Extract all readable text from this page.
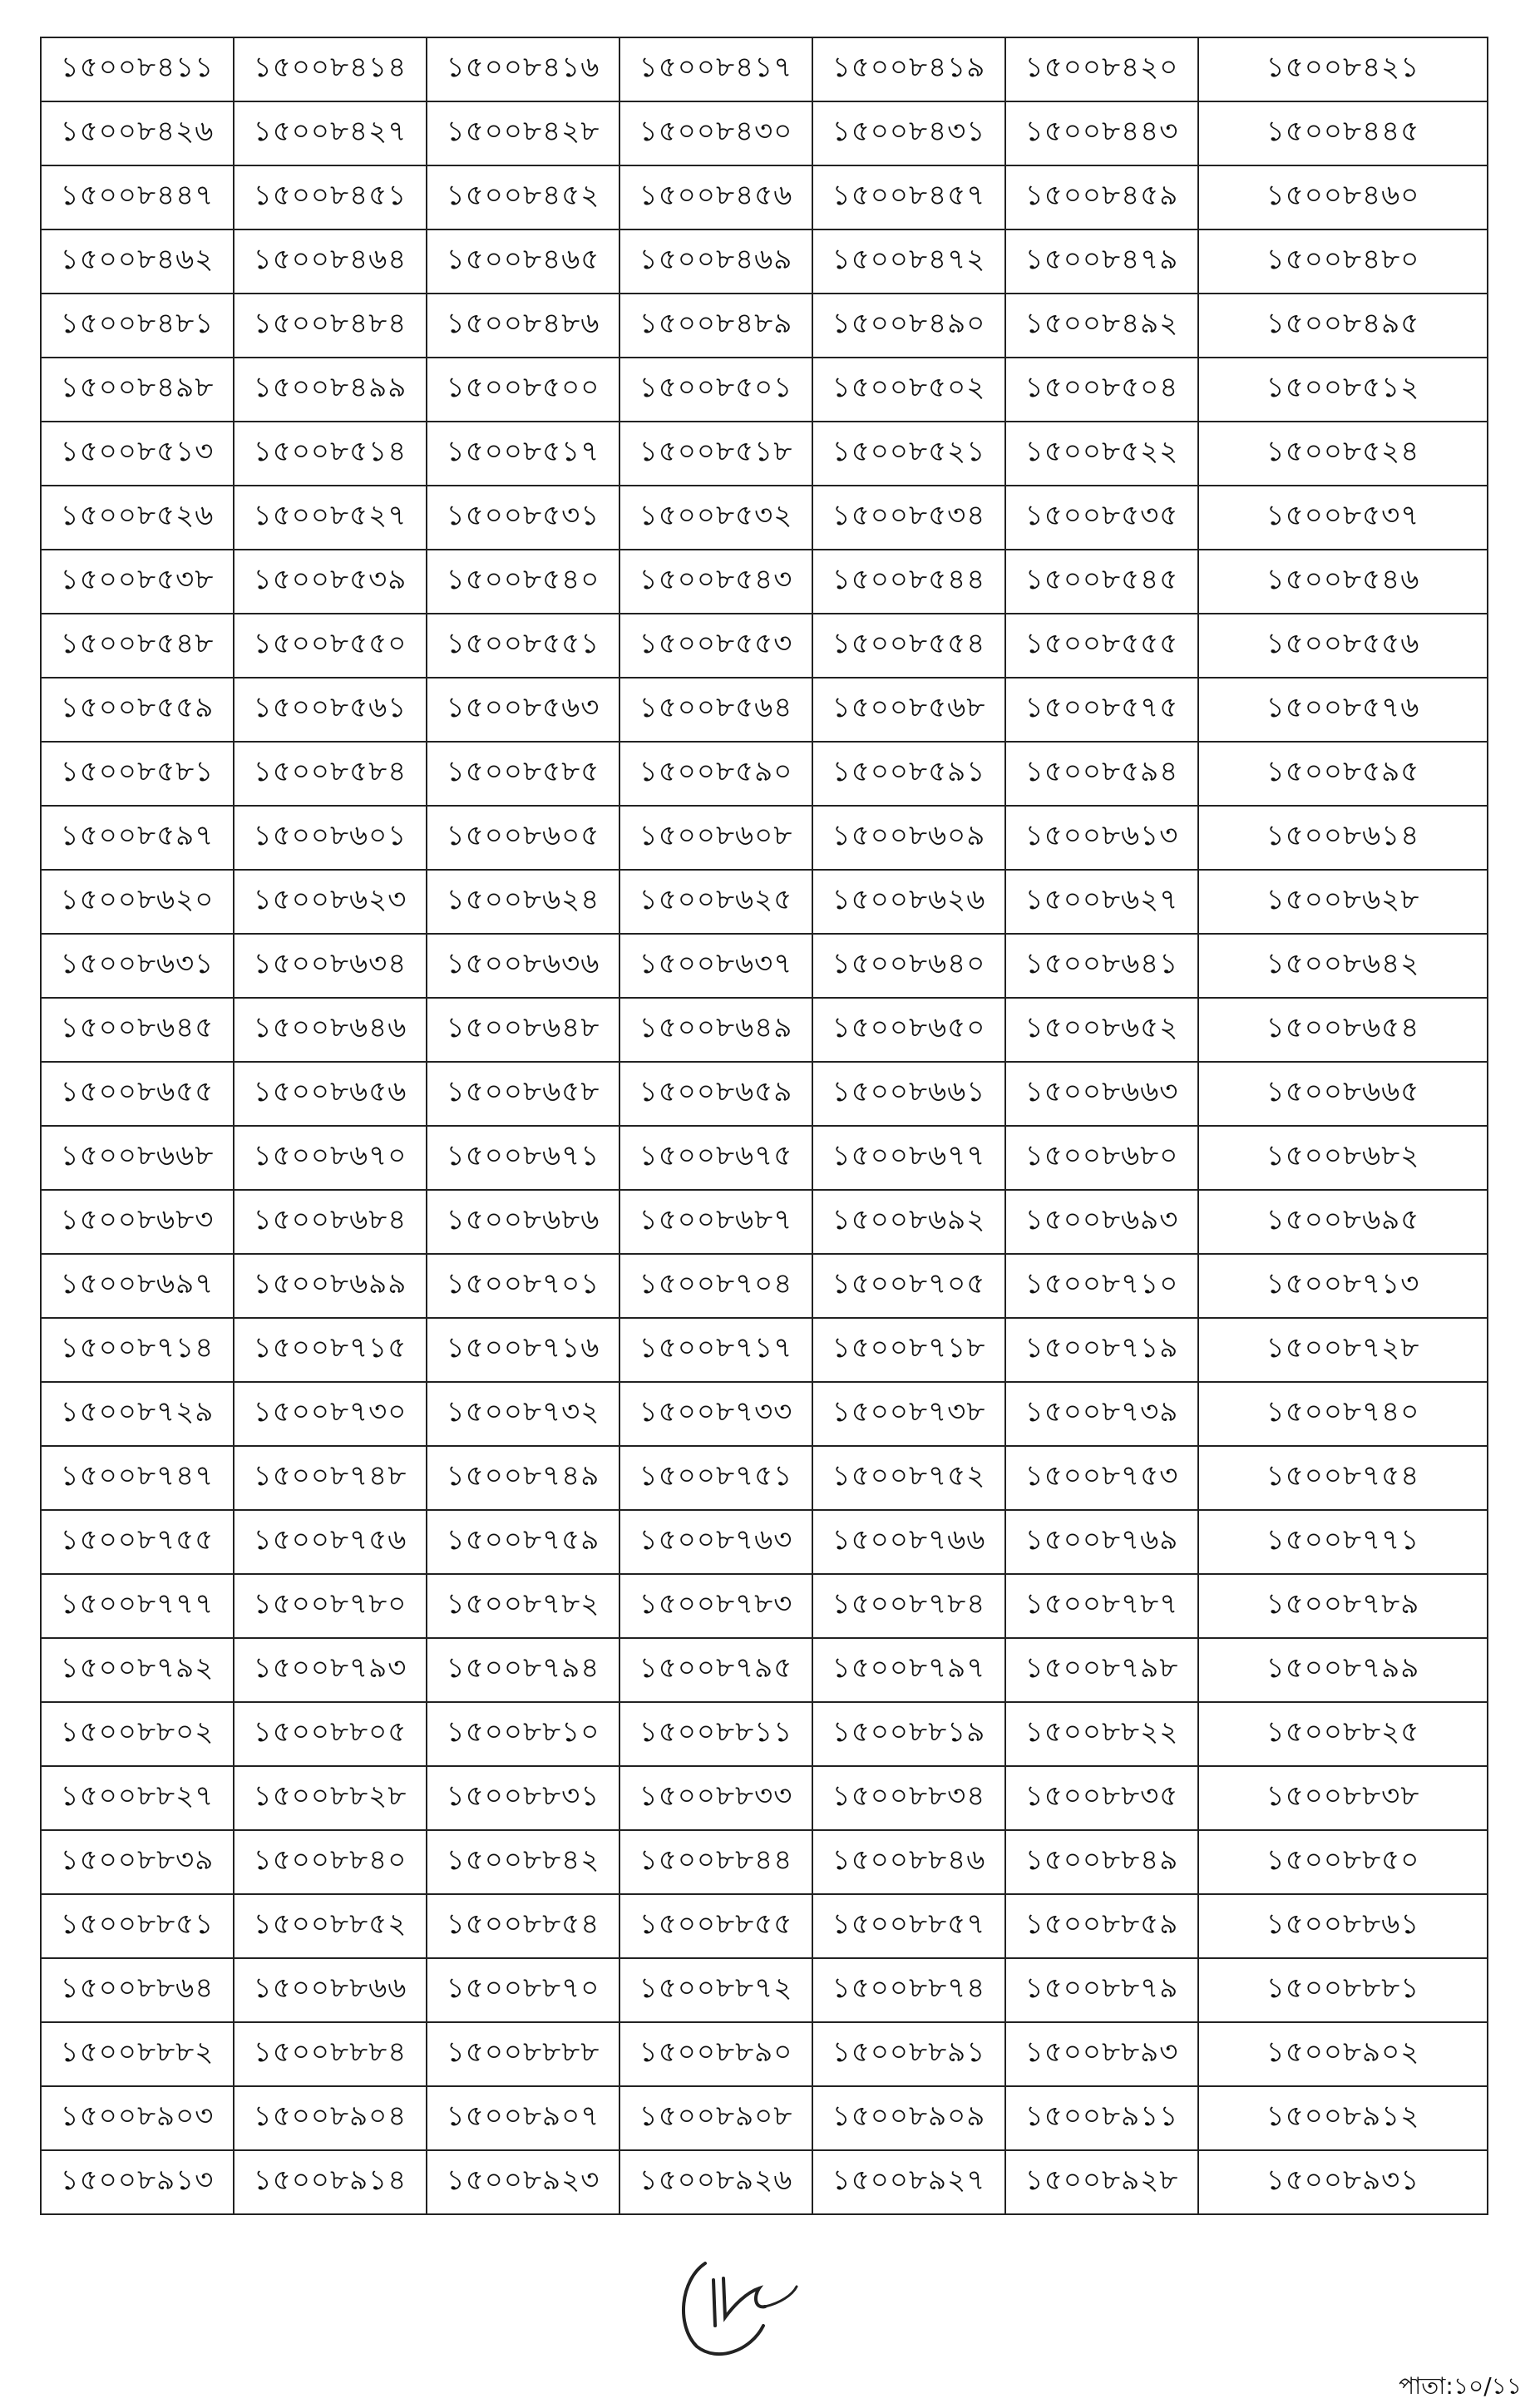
১৫০০৮৪১১	১৫০০৮৪১৪	১৫০০৮৪১৬	১৫০০৮৪১৭	১৫০০৮৪১৯	১৫০০৮৪২০	১৫০০৮৪২১
১৫০০৮৪২৬	১৫০০৮৪২৭	১৫০০৮৪২৮	১৫০০৮৪৩০	১৫০০৮৪৩১	১৫০০৮৪৪৩	১৫০০৮৪৪৫
১৫০০৮৪৪৭	১৫০০৮৪৫১	১৫০০৮৪৫২	১৫০০৮৪৫৬	১৫০০৮৪৫৭	১৫০০৮৪৫৯	১৫০০৮৪৬০
১৫০০৮৪৬২	১৫০০৮৪৬৪	১৫০০৮৪৬৫	১৫০০৮৪৬৯	১৫০০৮৪৭২	১৫০০৮৪৭৯	১৫০০৮৪৮০
১৫০০৮৪৮১	১৫০০৮৪৮৪	১৫০০৮৪৮৬	১৫০০৮৪৮৯	১৫০০৮৪৯০	১৫০০৮৪৯২	১৫০০৮৪৯৫
১৫০০৮৪৯৮	১৫০০৮৪৯৯	১৫০০৮৫০০	১৫০০৮৫০১	১৫০০৮৫০২	১৫০০৮৫০৪	১৫০০৮৫১২
১৫০০৮৫১৩	১৫০০৮৫১৪	১৫০০৮৫১৭	১৫০০৮৫১৮	১৫০০৮৫২১	১৫০০৮৫২২	১৫০০৮৫২৪
১৫০০৮৫২৬	১৫০০৮৫২৭	১৫০০৮৫৩১	১৫০০৮৫৩২	১৫০০৮৫৩৪	১৫০০৮৫৩৫	১৫০০৮৫৩৭
১৫০০৮৫৩৮	১৫০০৮৫৩৯	১৫০০৮৫৪০	১৫০০৮৫৪৩	১৫০০৮৫৪৪	১৫০০৮৫৪৫	১৫০০৮৫৪৬
১৫০০৮৫৪৮	১৫০০৮৫৫০	১৫০০৮৫৫১	১৫০০৮৫৫৩	১৫০০৮৫৫৪	১৫০০৮৫৫৫	১৫০০৮৫৫৬
১৫০০৮৫৫৯	১৫০০৮৫৬১	১৫০০৮৫৬৩	১৫০০৮৫৬৪	১৫০০৮৫৬৮	১৫০০৮৫৭৫	১৫০০৮৫৭৬
১৫০০৮৫৮১	১৫০০৮৫৮৪	১৫০০৮৫৮৫	১৫০০৮৫৯০	১৫০০৮৫৯১	১৫০০৮৫৯৪	১৫০০৮৫৯৫
১৫০০৮৫৯৭	১৫০০৮৬০১	১৫০০৮৬০৫	১৫০০৮৬০৮	১৫০০৮৬০৯	১৫০০৮৬১৩	১৫০০৮৬১৪
১৫০০৮৬২০	১৫০০৮৬২৩	১৫০০৮৬২৪	১৫০০৮৬২৫	১৫০০৮৬২৬	১৫০০৮৬২৭	১৫০০৮৬২৮
১৫০০৮৬৩১	১৫০০৮৬৩৪	১৫০০৮৬৩৬	১৫০০৮৬৩৭	১৫০০৮৬৪০	১৫০০৮৬৪১	১৫০০৮৬৪২
১৫০০৮৬৪৫	১৫০০৮৬৪৬	১৫০০৮৬৪৮	১৫০০৮৬৪৯	১৫০০৮৬৫০	১৫০০৮৬৫২	১৫০০৮৬৫৪
১৫০০৮৬৫৫	১৫০০৮৬৫৬	১৫০০৮৬৫৮	১৫০০৮৬৫৯	১৫০০৮৬৬১	১৫০০৮৬৬৩	১৫০০৮৬৬৫
১৫০০৮৬৬৮	১৫০০৮৬৭০	১৫০০৮৬৭১	১৫০০৮৬৭৫	১৫০০৮৬৭৭	১৫০০৮৬৮০	১৫০০৮৬৮২
১৫০০৮৬৮৩	১৫০০৮৬৮৪	১৫০০৮৬৮৬	১৫০০৮৬৮৭	১৫০০৮৬৯২	১৫০০৮৬৯৩	১৫০০৮৬৯৫
১৫০০৮৬৯৭	১৫০০৮৬৯৯	১৫০০৮৭০১	১৫০০৮৭০৪	১৫০০৮৭০৫	১৫০০৮৭১০	১৫০০৮৭১৩
১৫০০৮৭১৪	১৫০০৮৭১৫	১৫০০৮৭১৬	১৫০০৮৭১৭	১৫০০৮৭১৮	১৫০০৮৭১৯	১৫০০৮৭২৮
১৫০০৮৭২৯	১৫০০৮৭৩০	১৫০০৮৭৩২	১৫০০৮৭৩৩	১৫০০৮৭৩৮	১৫০০৮৭৩৯	১৫০০৮৭৪০
১৫০০৮৭৪৭	১৫০০৮৭৪৮	১৫০০৮৭৪৯	১৫০০৮৭৫১	১৫০০৮৭৫২	১৫০০৮৭৫৩	১৫০০৮৭৫৪
১৫০০৮৭৫৫	১৫০০৮৭৫৬	১৫০০৮৭৫৯	১৫০০৮৭৬৩	১৫০০৮৭৬৬	১৫০০৮৭৬৯	১৫০০৮৭৭১
১৫০০৮৭৭৭	১৫০০৮৭৮০	১৫০০৮৭৮২	১৫০০৮৭৮৩	১৫০০৮৭৮৪	১৫০০৮৭৮৭	১৫০০৮৭৮৯
১৫০০৮৭৯২	১৫০০৮৭৯৩	১৫০০৮৭৯৪	১৫০০৮৭৯৫	১৫০০৮৭৯৭	১৫০০৮৭৯৮	১৫০০৮৭৯৯
১৫০০৮৮০২	১৫০০৮৮০৫	১৫০০৮৮১০	১৫০০৮৮১১	১৫০০৮৮১৯	১৫০০৮৮২২	১৫০০৮৮২৫
১৫০০৮৮২৭	১৫০০৮৮২৮	১৫০০৮৮৩১	১৫০০৮৮৩৩	১৫০০৮৮৩৪	১৫০০৮৮৩৫	১৫০০৮৮৩৮
১৫০০৮৮৩৯	১৫০০৮৮৪০	১৫০০৮৮৪২	১৫০০৮৮৪৪	১৫০০৮৮৪৬	১৫০০৮৮৪৯	১৫০০৮৮৫০
১৫০০৮৮৫১	১৫০০৮৮৫২	১৫০০৮৮৫৪	১৫০০৮৮৫৫	১৫০০৮৮৫৭	১৫০০৮৮৫৯	১৫০০৮৮৬১
১৫০০৮৮৬৪	১৫০০৮৮৬৬	১৫০০৮৮৭০	১৫০০৮৮৭২	১৫০০৮৮৭৪	১৫০০৮৮৭৯	১৫০০৮৮৮১
১৫০০৮৮৮২	১৫০০৮৮৮৪	১৫০০৮৮৮৮	১৫০০৮৮৯০	১৫০০৮৮৯১	১৫০০৮৮৯৩	১৫০০৮৯০২
১৫০০৮৯০৩	১৫০০৮৯০৪	১৫০০৮৯০৭	১৫০০৮৯০৮	১৫০০৮৯০৯	১৫০০৮৯১১	১৫০০৮৯১২
১৫০০৮৯১৩	১৫০০৮৯১৪	১৫০০৮৯২৩	১৫০০৮৯২৬	১৫০০৮৯২৭	১৫০০৮৯২৮	১৫০০৮৯৩১
পাতা:১০/১১
